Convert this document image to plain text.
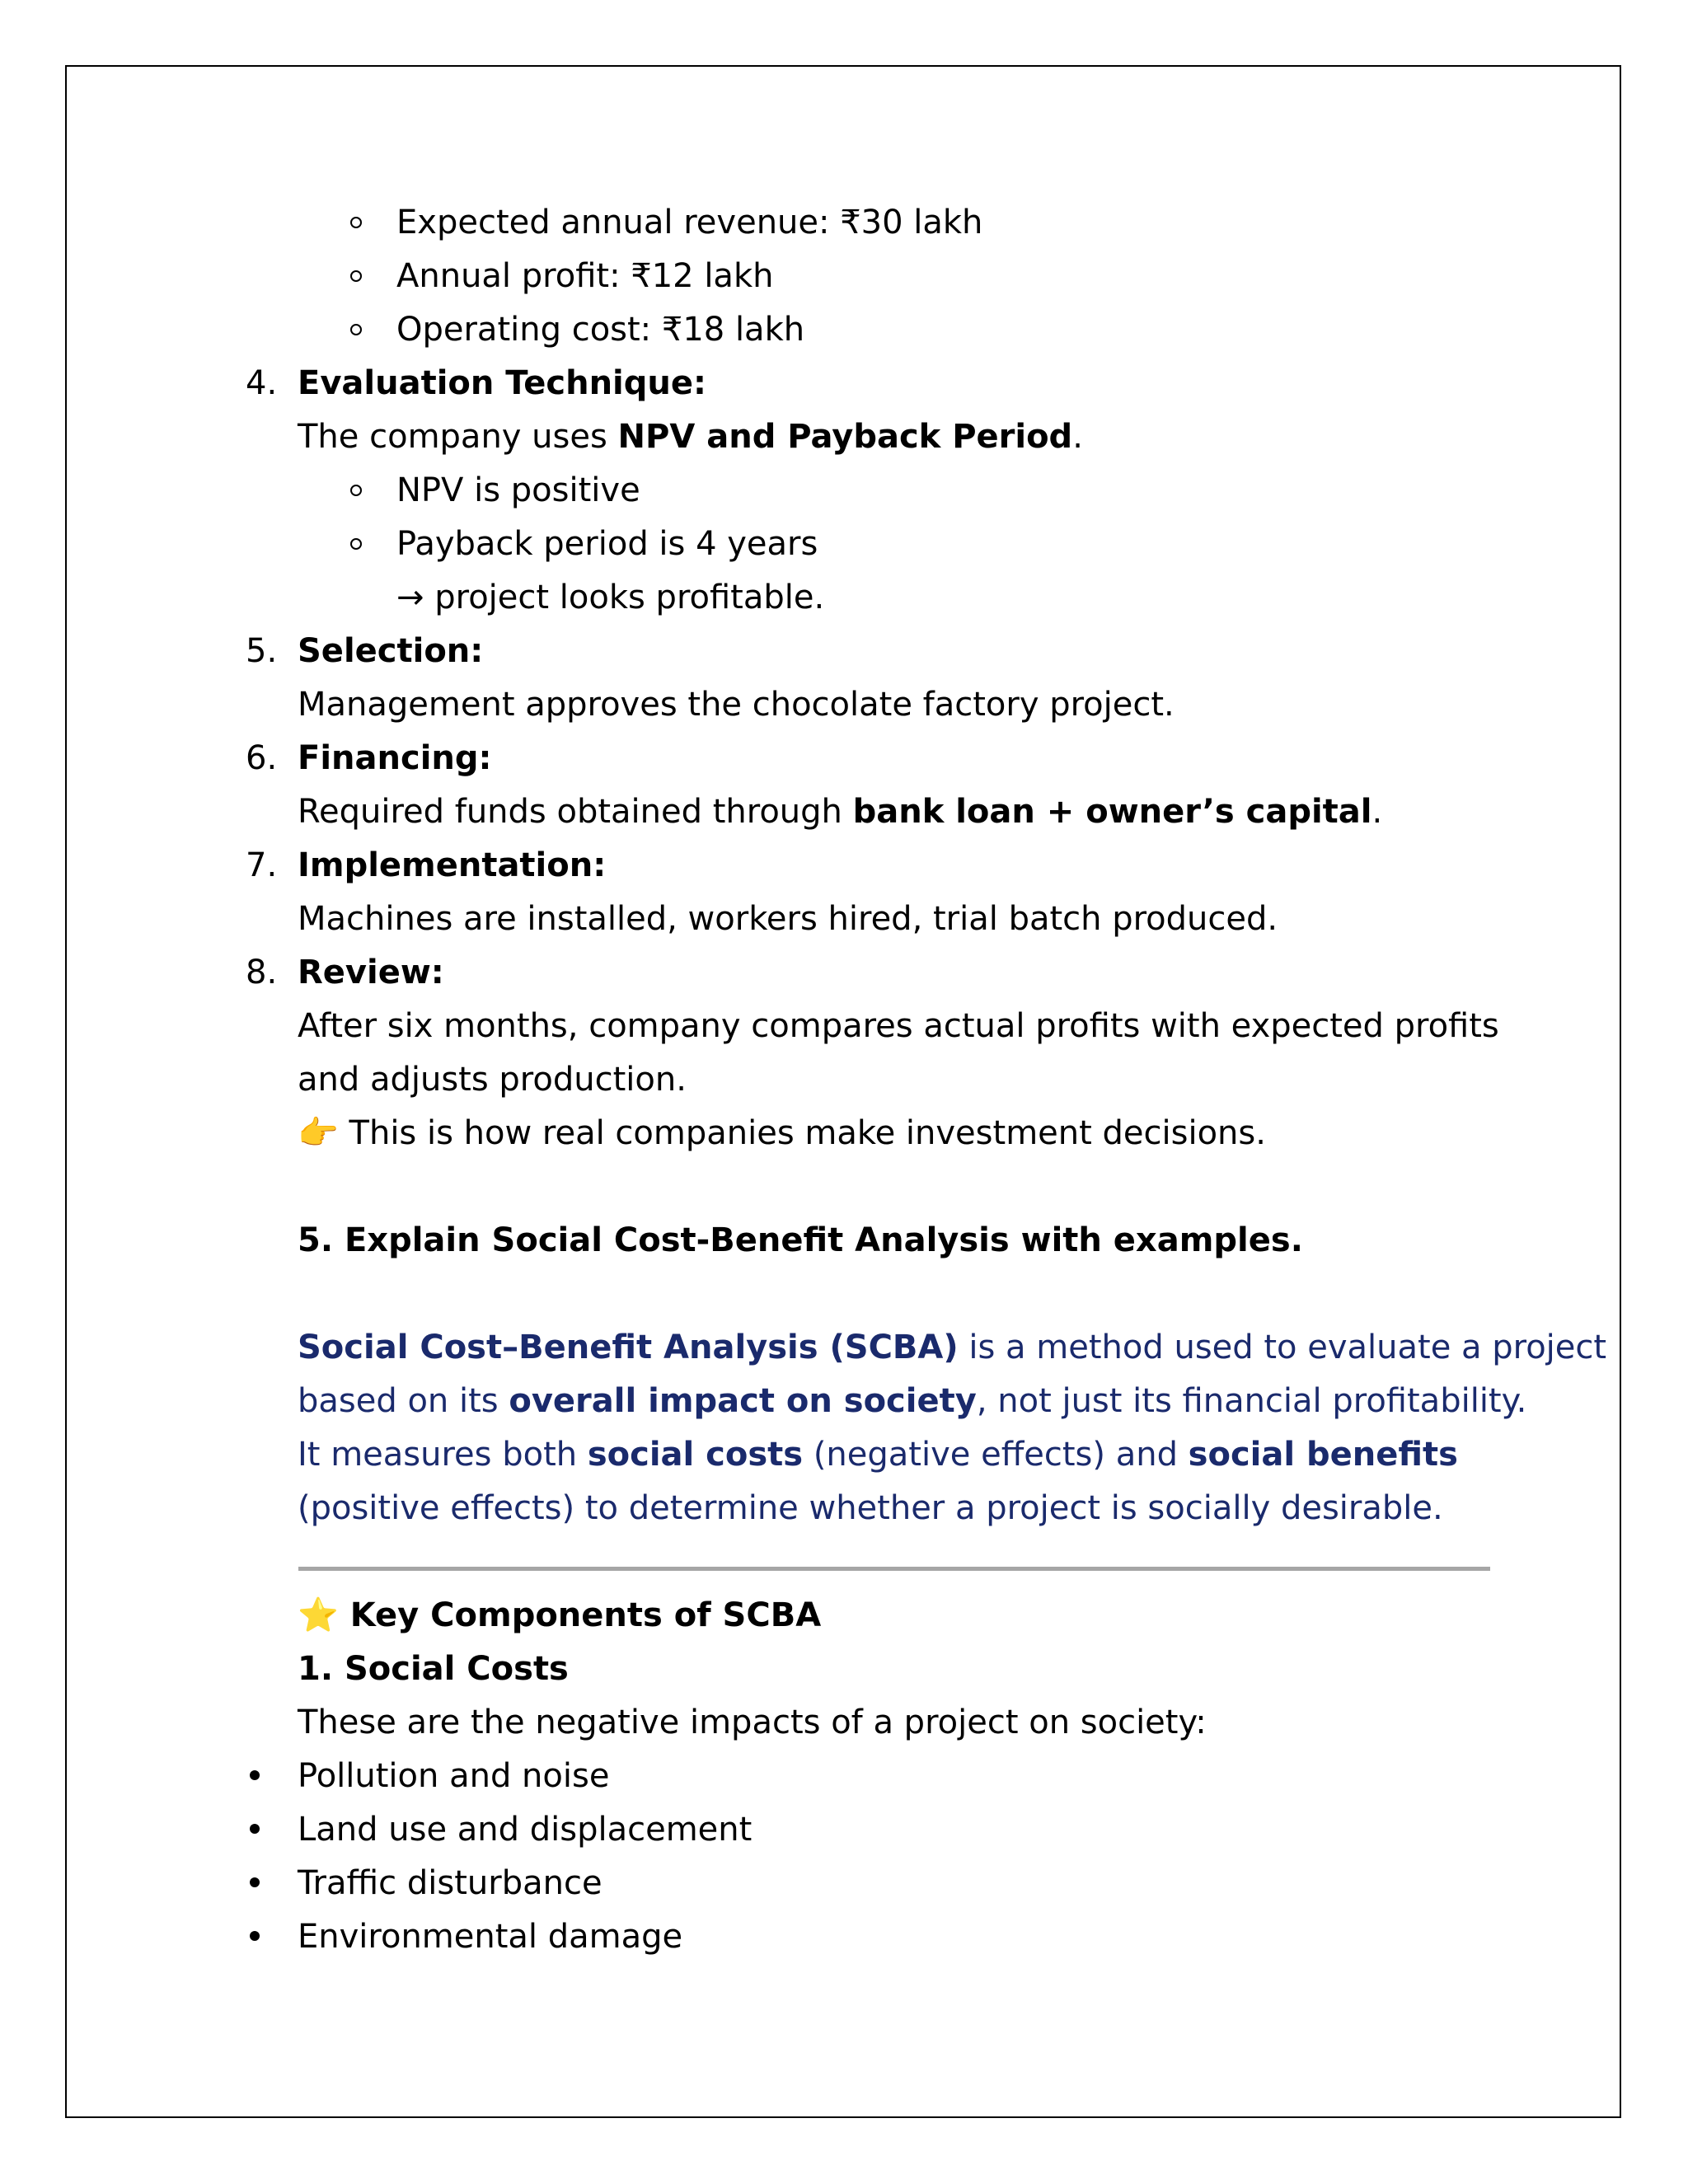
Expected annual revenue: ₹30 lakh
Annual profit: ₹12 lakh
Operating cost: ₹18 lakh
4. Evaluation Technique:
The company uses NPV and Payback Period.
NPV is positive
Payback period is 4 years
→ project looks profitable.
5. Selection:
Management approves the chocolate factory project.
6. Financing:
Required funds obtained through bank loan + owner’s capital.
7. Implementation:
Machines are installed, workers hired, trial batch produced.
8. Review:
After six months, company compares actual profits with expected profits
and adjusts production.
👉 This is how real companies make investment decisions.
5. Explain Social Cost-Benefit Analysis with examples.
Social Cost–Benefit Analysis (SCBA) is a method used to evaluate a project
based on its overall impact on society, not just its financial profitability.
It measures both social costs (negative effects) and social benefits
(positive effects) to determine whether a project is socially desirable.
⭐ Key Components of SCBA
1. Social Costs
These are the negative impacts of a project on society:
Pollution and noise
Land use and displacement
Traffic disturbance
Environmental damage
